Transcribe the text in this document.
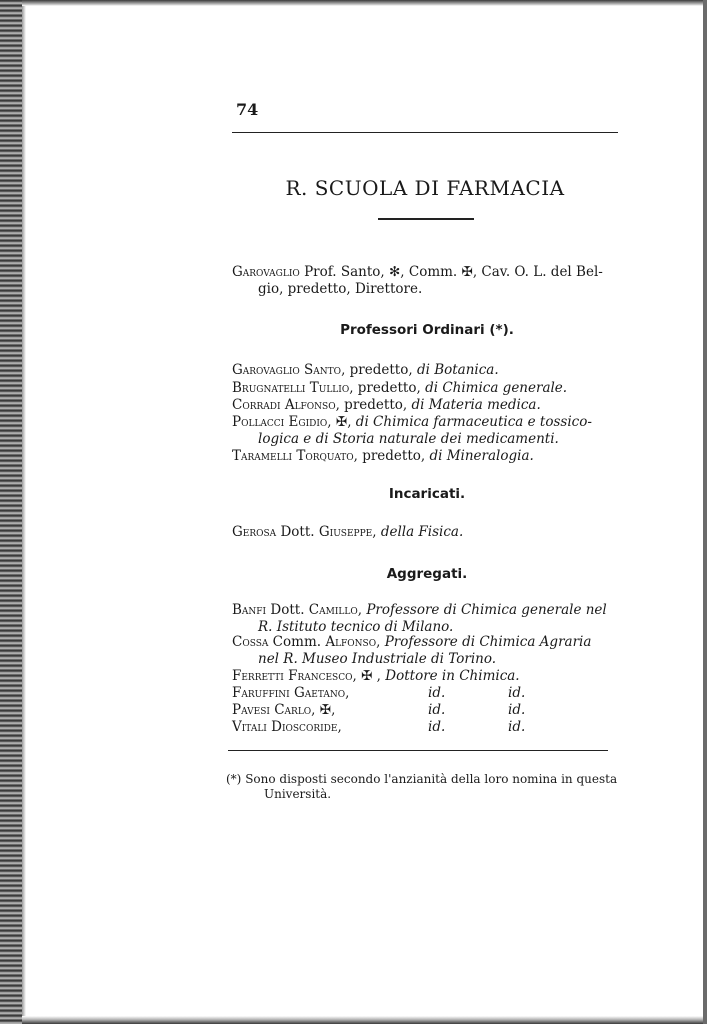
74
R. SCUOLA DI FARMACIA
Garovaglio Prof. Santo, ✻, Comm. ✠, Cav. O. L. del Bel-
gio, predetto, Direttore.
Professori Ordinari (*).
Garovaglio Santo, predetto, di Botanica.
Brugnatelli Tullio, predetto, di Chimica generale.
Corradi Alfonso, predetto, di Materia medica.
Pollacci Egidio, ✠, di Chimica farmaceutica e tossico-
logica e di Storia naturale dei medicamenti.
Taramelli Torquato, predetto, di Mineralogia.
Incaricati.
Gerosa Dott. Giuseppe, della Fisica.
Aggregati.
Banfi Dott. Camillo, Professore di Chimica generale nel
R. Istituto tecnico di Milano.
Cossa Comm. Alfonso, Professore di Chimica Agraria
nel R. Museo Industriale di Torino.
Ferretti Francesco, ✠ , Dottore in Chimica.
Faruffini Gaetano,	id.	id.
Pavesi Carlo, ✠,	id.	id.
Vitali Dioscoride,	id.	id.
(*) Sono disposti secondo l'anzianità della loro nomina in questa
Università.
